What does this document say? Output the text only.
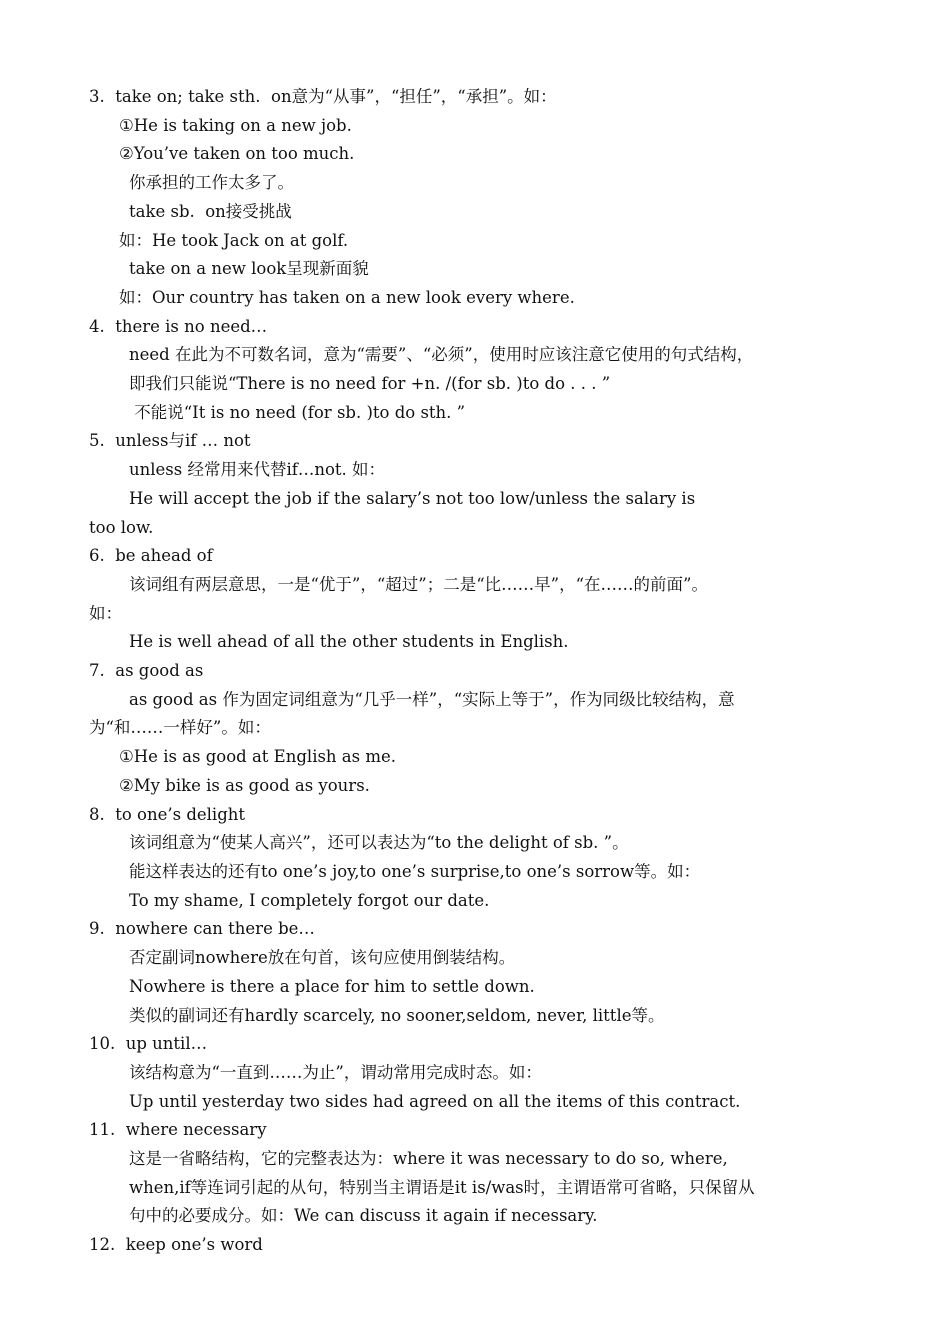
3.  take on; take sth.  on意为“从事”，“担任”，“承担”。如：
①He is taking on a new job.
②You’ve taken on too much.
你承担的工作太多了。
take sb.  on接受挑战
如：He took Jack on at golf.
take on a new look呈现新面貌
如：Our country has taken on a new look every where.
4.  there is no need…
need 在此为不可数名词，意为“需要”、“必须”，使用时应该注意它使用的句式结构，
即我们只能说“There is no need for +n. /(for sb. )to do . . . ”
不能说“It is no need (for sb. )to do sth. ”
5.  unless与if … not
unless 经常用来代替if…not. 如：
He will accept the job if the salary’s not too low/unless the salary is
too low.
6.  be ahead of
该词组有两层意思，一是“优于”，“超过”；二是“比……早”，“在……的前面”。
如：
He is well ahead of all the other students in English.
7.  as good as
as good as 作为固定词组意为“几乎一样”，“实际上等于”，作为同级比较结构，意
为“和……一样好”。如：
①He is as good at English as me.
②My bike is as good as yours.
8.  to one’s delight
该词组意为“使某人高兴”，还可以表达为“to the delight of sb. ”。
能这样表达的还有to one’s joy,to one’s surprise,to one’s sorrow等。如：
To my shame, I completely forgot our date.
9.  nowhere can there be…
否定副词nowhere放在句首，该句应使用倒装结构。
Nowhere is there a place for him to settle down.
类似的副词还有hardly scarcely, no sooner,seldom, never, little等。
10.  up until…
该结构意为“一直到……为止”，谓动常用完成时态。如：
Up until yesterday two sides had agreed on all the items of this contract.
11.  where necessary
这是一省略结构，它的完整表达为：where it was necessary to do so, where,
when,if等连词引起的从句，特别当主谓语是it is/was时，主谓语常可省略，只保留从
句中的必要成分。如：We can discuss it again if necessary.
12.  keep one’s word
